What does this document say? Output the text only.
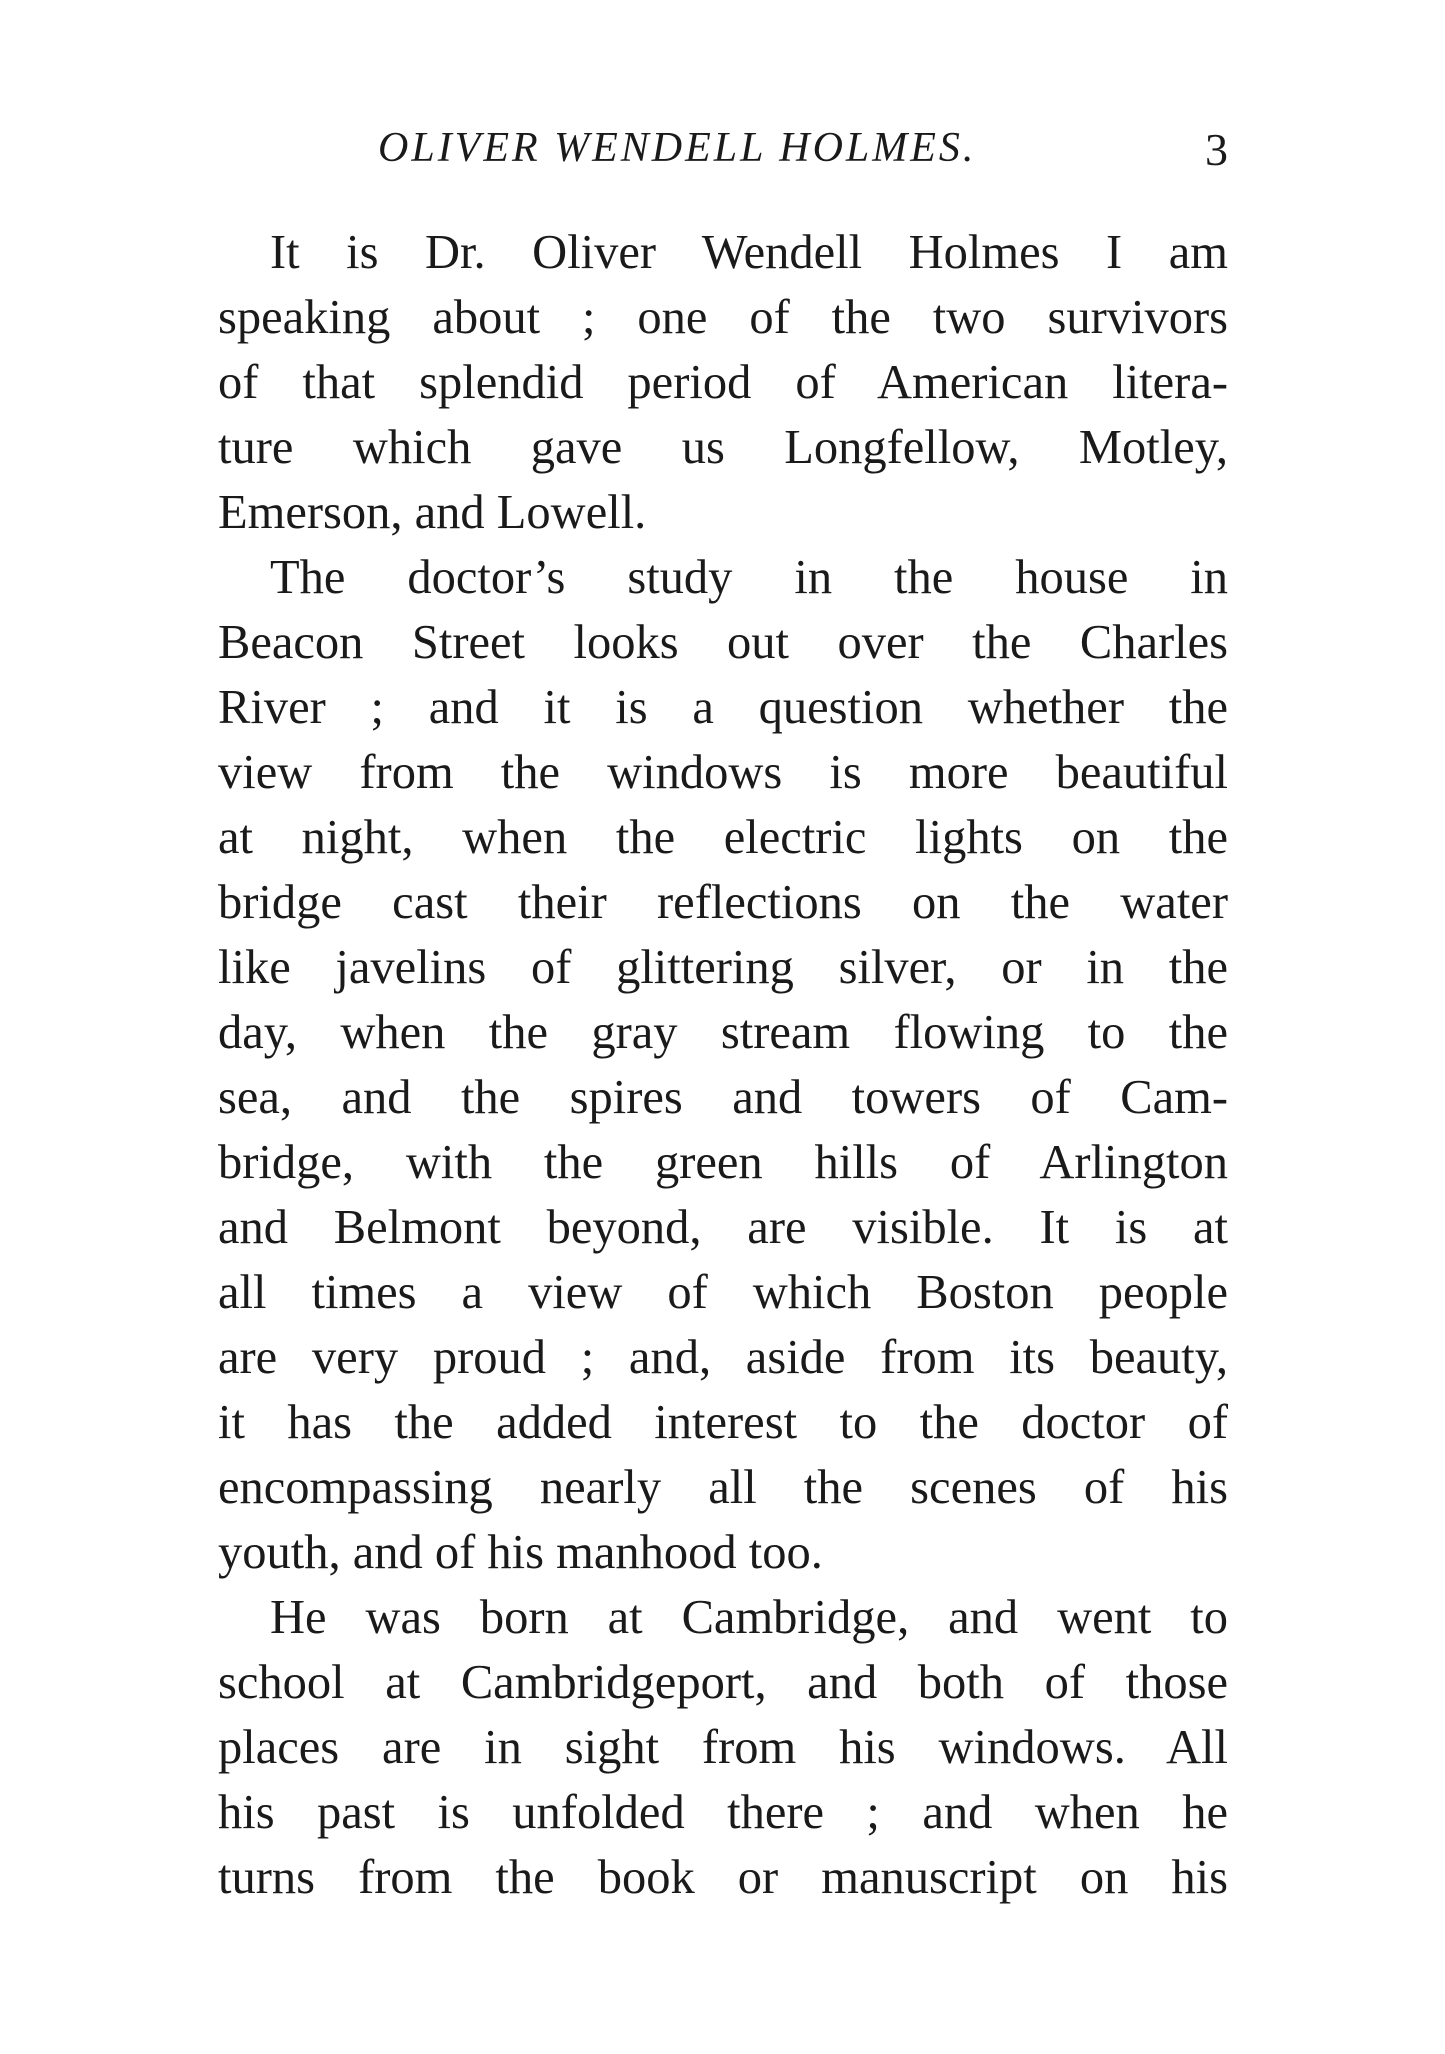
OLIVER WENDELL HOLMES.	3
It is Dr. Oliver Wendell Holmes I am
speaking about ; one of the two survivors
of that splendid period of American litera-
ture which gave us Longfellow, Motley,
Emerson, and Lowell.
The doctor’s study in the house in
Beacon Street looks out over the Charles
River ; and it is a question whether the
view from the windows is more beautiful
at night, when the electric lights on the
bridge cast their reflections on the water
like javelins of glittering silver, or in the
day, when the gray stream flowing to the
sea, and the spires and towers of Cam-
bridge, with the green hills of Arlington
and Belmont beyond, are visible. It is at
all times a view of which Boston people
are very proud ; and, aside from its beauty,
it has the added interest to the doctor of
encompassing nearly all the scenes of his
youth, and of his manhood too.
He was born at Cambridge, and went to
school at Cambridgeport, and both of those
places are in sight from his windows. All
his past is unfolded there ; and when he
turns from the book or manuscript on his
